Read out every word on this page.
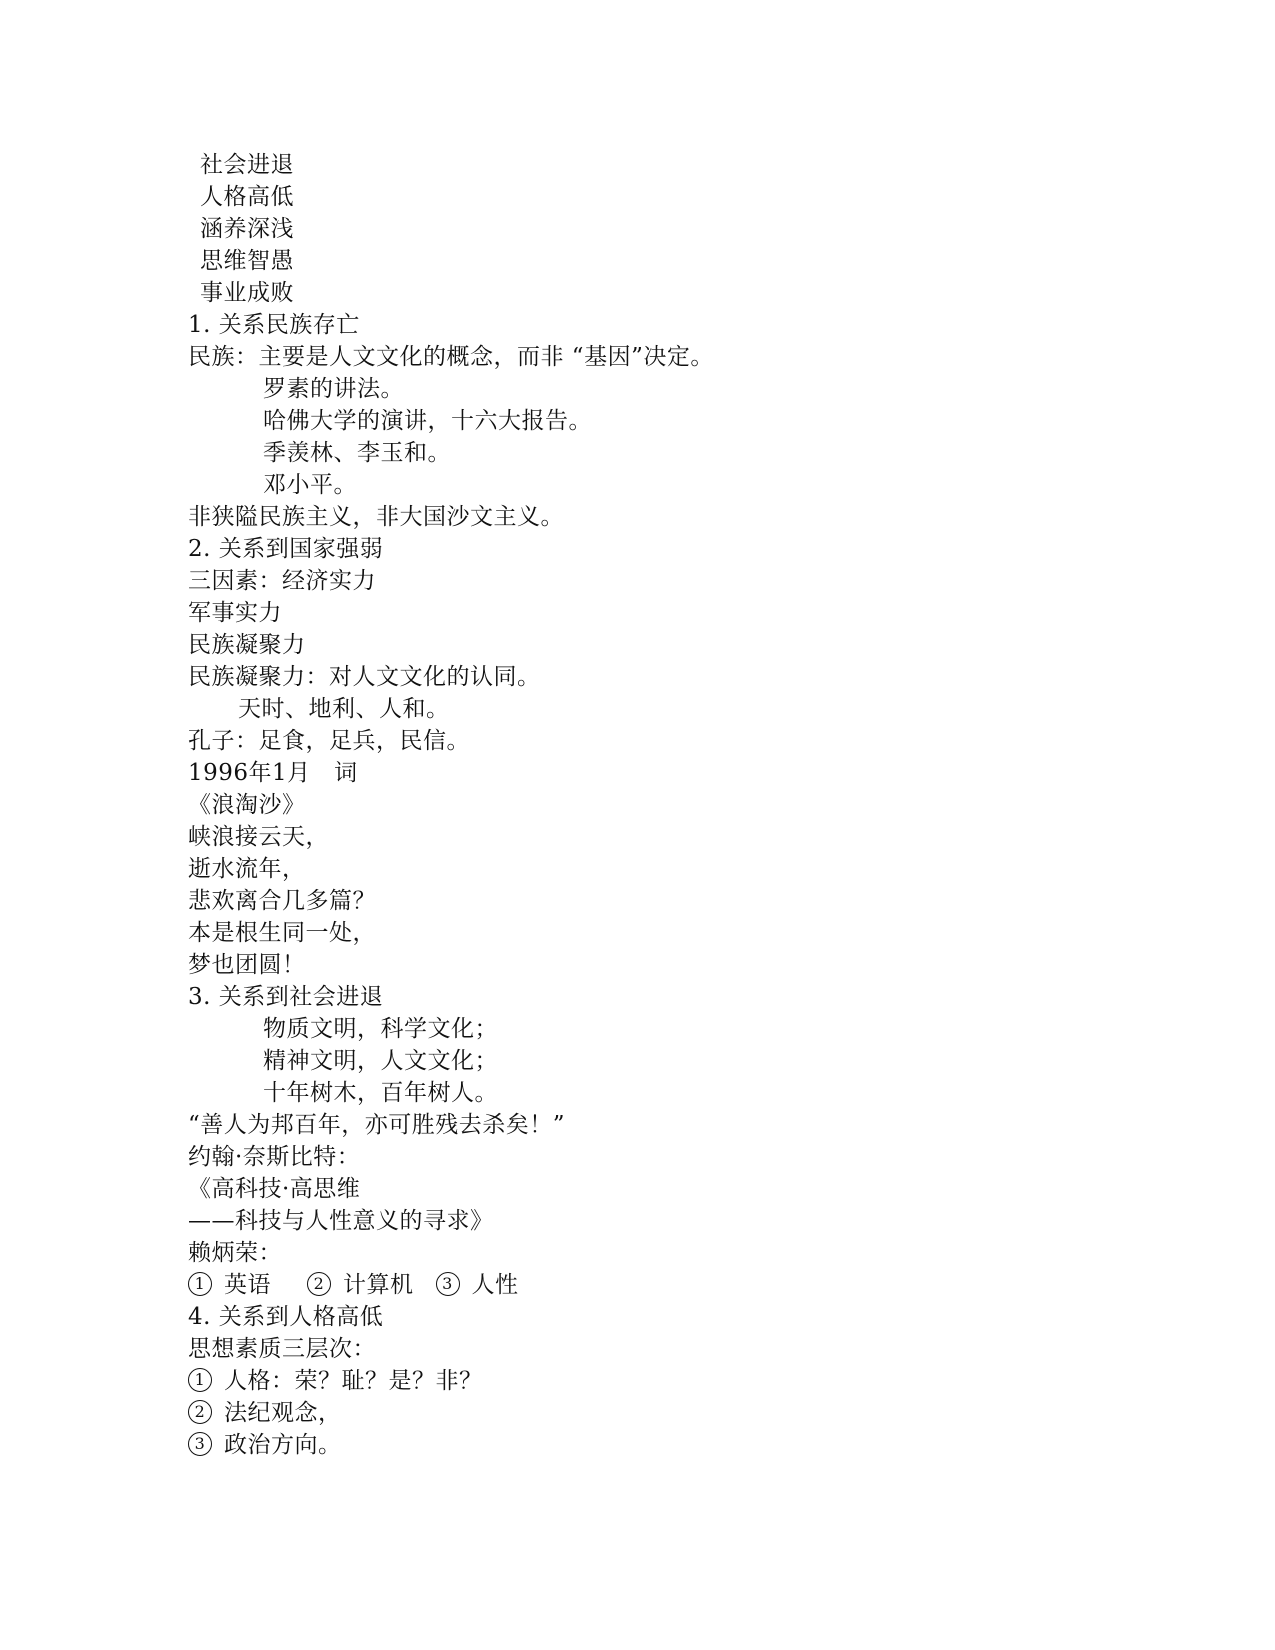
社会进退
人格高低
涵养深浅
思维智愚
事业成败
1. 关系民族存亡
民族：主要是人文文化的概念，而非 “基因”决定。
罗素的讲法。
哈佛大学的演讲，十六大报告。
季羡林、李玉和。
邓小平。
非狭隘民族主义，非大国沙文主义。
2. 关系到国家强弱
三因素：经济实力
军事实力
民族凝聚力
民族凝聚力：对人文文化的认同。
天时、地利、人和。
孔子：足食，足兵，民信。
1996年1月　词
《浪淘沙》
峡浪接云天，
逝水流年，
悲欢离合几多篇？
本是根生同一处，
梦也团圆！
3. 关系到社会进退
物质文明，科学文化；
精神文明，人文文化；
十年树木，百年树人。
“善人为邦百年，亦可胜残去杀矣！”
约翰·奈斯比特：
《高科技·高思维
——科技与人性意义的寻求》
赖炳荣：
1 英语	2 计算机 3 人性
4. 关系到人格高低
思想素质三层次：
1 人格：荣？耻？是？非？
2 法纪观念，
3 政治方向。
